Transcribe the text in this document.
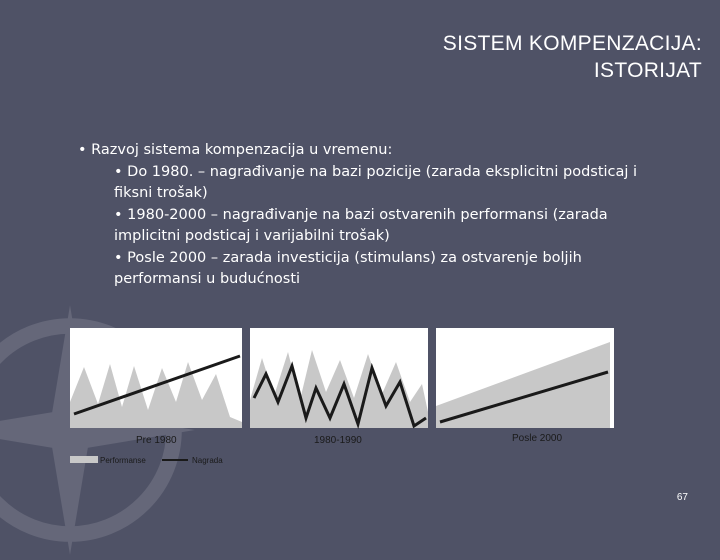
SISTEM KOMPENZACIJA:
ISTORIJAT
• Razvoj sistema kompenzacija u vremenu:
• Do 1980. – nagrađivanje na bazi pozicije (zarada eksplicitni podsticaj i fiksni trošak)
• 1980-2000 – nagrađivanje na bazi ostvarenih performansi (zarada implicitni podsticaj i varijabilni trošak)
• Posle 2000 – zarada investicija (stimulans) za ostvarenje boljih performansi u budućnosti
Pre 1980	1980-1990	Posle 2000
Performanse	Nagrada
67
